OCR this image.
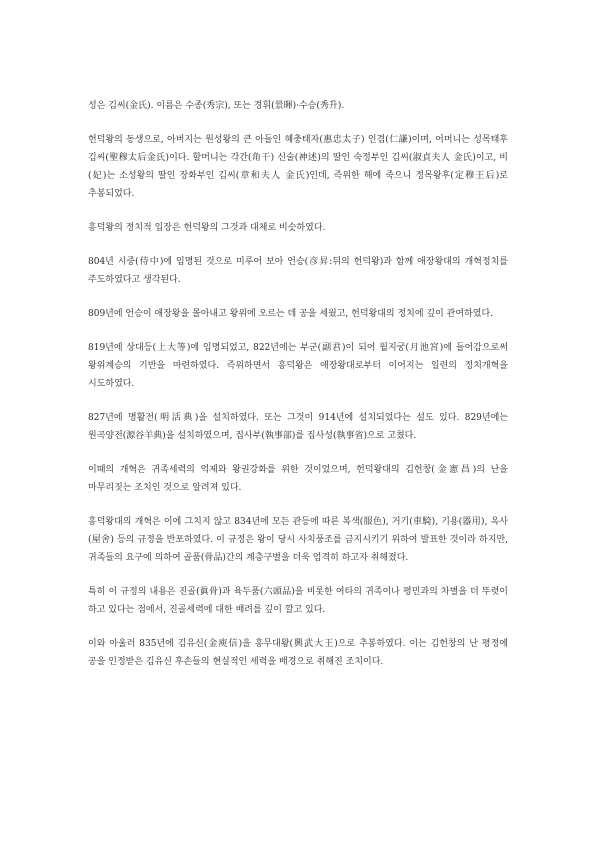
성은 김씨(金氏). 이름은 수종(秀宗), 또는 경휘(景暉)·수승(秀升).

헌덕왕의 동생으로, 아버지는 원성왕의 큰 아들인 혜충태자(惠忠太子) 인겸(仁謙)이며, 어머니는 성목태후 김씨(聖穆太后金氏)이다. 할머니는 각간(角干) 신술(神述)의 딸인 숙정부인 김씨(淑貞夫人 金氏)이고, 비(妃)는 소성왕의 딸인 장화부인 김씨(章和夫人 金氏)인데, 즉위한 해에 죽으니 정목왕후(定穆王后)로 추봉되었다.

흥덕왕의 정치적 입장은 헌덕왕의 그것과 대체로 비슷하였다.

804년 시중(侍中)에 임명된 것으로 미루어 보아 언승(彦昇:뒤의 헌덕왕)과 함께 애장왕대의 개혁정치를 주도하였다고 생각된다.

809년에 언승이 애장왕을 몰아내고 왕위에 오르는 데 공을 세웠고, 헌덕왕대의 정치에 깊이 관여하였다.

819년에 상대등(上大等)에 임명되었고, 822년에는 부군(副君)이 되어 월지궁(月池宮)에 들어감으로써 왕위계승의 기반을 마련하였다. 즉위하면서 흥덕왕은 애장왕대로부터 이어지는 일련의 정치개혁을 시도하였다.

827년에 명활전(明活典)을 설치하였다. 또는 그것이 914년에 설치되었다는 설도 있다. 829년에는 원곡양전(源谷羊典)을 설치하였으며, 집사부(執事部)를 집사성(執事省)으로 고쳤다.

이때의 개혁은 귀족세력의 억제와 왕권강화를 위한 것이었으며, 헌덕왕대의 김헌창(金憲昌)의 난을 마무리짓는 조치인 것으로 알려져 있다.

흥덕왕대의 개혁은 이에 그치지 않고 834년에 모든 관등에 따른 복색(服色), 거기(車騎), 기용(器用), 옥사(屋舍) 등의 규정을 반포하였다. 이 규정은 왕이 당시 사치풍조를 금지시키기 위하여 발표한 것이라 하지만, 귀족들의 요구에 의하여 골품(骨品)간의 계층구별을 더욱 엄격히 하고자 취해졌다.

특히 이 규정의 내용은 진골(眞骨)과 육두품(六頭品)을 비롯한 여타의 귀족이나 평민과의 차별을 더 뚜렷이 하고 있다는 점에서, 진골세력에 대한 배려를 깊이 깔고 있다.

이와 아울러 835년에 김유신(金庾信)을 흥무대왕(興武大王)으로 추봉하였다. 이는 김헌창의 난 평정에 공을 인정받은 김유신 후손들의 현실적인 세력을 배경으로 취해진 조치이다.
